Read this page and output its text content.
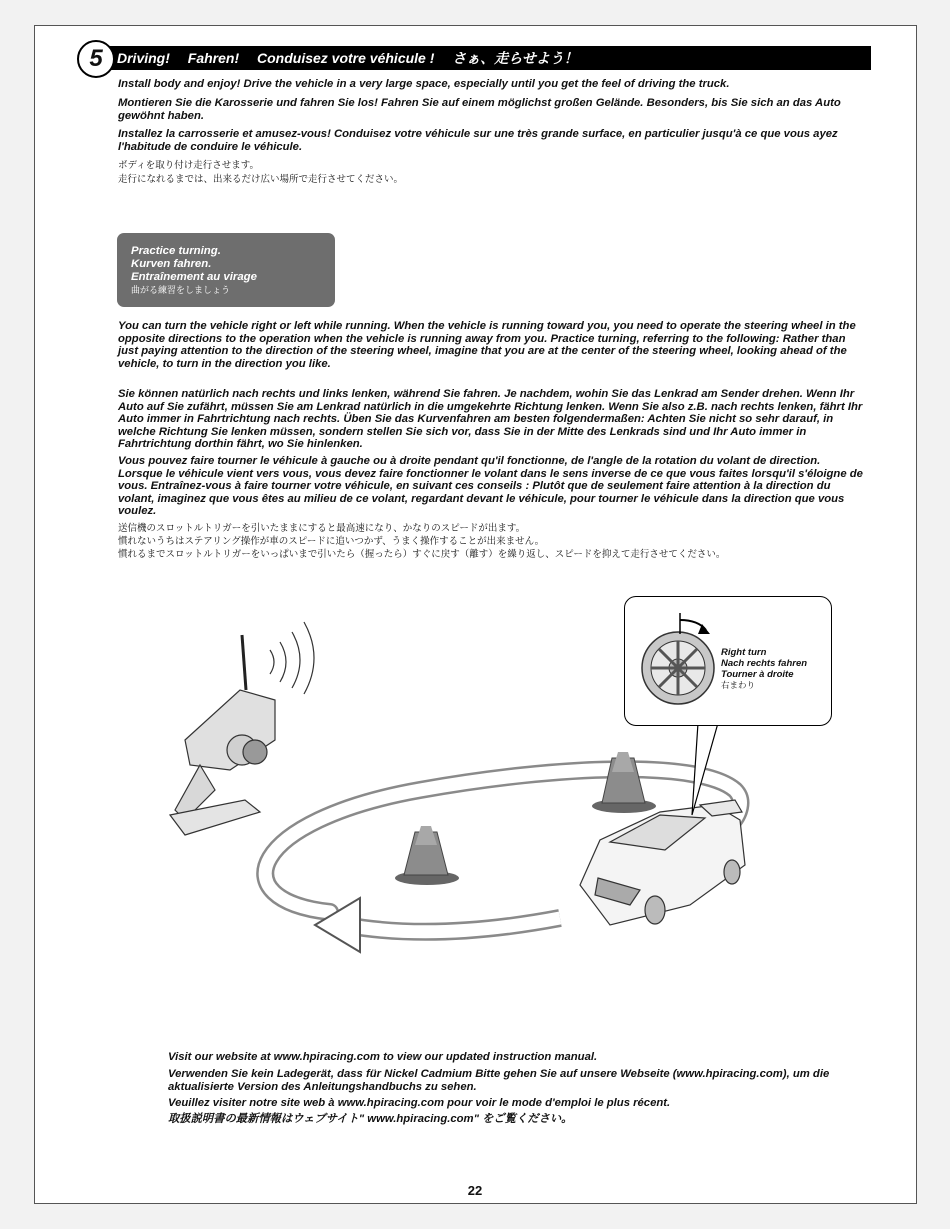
5	Driving! Fahren! Conduisez votre véhicule ! さぁ、走らせよう！

Install body and enjoy! Drive the vehicle in a very large space, especially until you get the feel of driving the truck.

Montieren Sie die Karosserie und fahren Sie los! Fahren Sie auf einem möglichst großen Gelände. Besonders, bis Sie sich an das Auto gewöhnt haben.

Installez la carrosserie et amusez-vous! Conduisez votre véhicule sur une très grande surface, en particulier jusqu'à ce que vous ayez l'habitude de conduire le véhicule.

ボディを取り付け走行させます。

走行になれるまでは、出来るだけ広い場所で走行させてください。

Practice turning.
Kurven fahren.
Entraînement au virage
曲がる練習をしましょう

You can turn the vehicle right or left while running. When the vehicle is running toward you, you need to operate the steering wheel in the opposite directions to the operation when the vehicle is running away from you. Practice turning, referring to the following: Rather than just paying attention to the direction of the steering wheel, imagine that you are at the center of the steering wheel, looking ahead of the vehicle, to turn in the direction you like.

Sie können natürlich nach rechts und links lenken, während Sie fahren. Je nachdem, wohin Sie das Lenkrad am Sender drehen. Wenn Ihr Auto auf Sie zufährt, müssen Sie am Lenkrad natürlich in die umgekehrte Richtung lenken. Wenn Sie also z.B. nach rechts lenken, fährt Ihr Auto immer in Fahrtrichtung nach rechts. Üben Sie das Kurvenfahren am besten folgendermaßen: Achten Sie nicht so sehr darauf, in welche Richtung Sie lenken müssen, sondern stellen Sie sich vor, dass Sie in der Mitte des Lenkrads sind und Ihr Auto immer in Fahrtrichtung dorthin fährt, wo Sie hinlenken.

Vous pouvez faire tourner le véhicule à gauche ou à droite pendant qu'il fonctionne, de l'angle de la rotation du volant de direction. Lorsque le véhicule vient vers vous, vous devez faire fonctionner le volant dans le sens inverse de ce que vous faites lorsqu'il s'éloigne de vous. Entraînez-vous à faire tourner votre véhicule, en suivant ces conseils : Plutôt que de seulement faire attention à la direction du volant, imaginez que vous êtes au milieu de ce volant, regardant devant le véhicule, pour tourner le véhicule dans la direction que vous voulez.

送信機のスロットルトリガーを引いたままにすると最高速になり、かなりのスピードが出ます。

慣れないうちはステアリング操作が車のスピードに追いつかず、うまく操作することが出来ません。

慣れるまでスロットルトリガーをいっぱいまで引いたら（握ったら）すぐに戻す（離す）を繰り返し、スピードを抑えて走行させてください。

Right turn
Nach rechts fahren
Tourner à droite
右まわり

Visit our website at www.hpiracing.com to view our updated instruction manual.

Verwenden Sie kein Ladegerät, dass für Nickel Cadmium Bitte gehen Sie auf unsere Webseite (www.hpiracing.com), um die aktualisierte Version des Anleitungshandbuchs zu sehen.

Veuillez visiter notre site web à www.hpiracing.com pour voir le mode d'emploi le plus récent.

取扱説明書の最新情報はウェブサイト" www.hpiracing.com" をご覧ください。

22
